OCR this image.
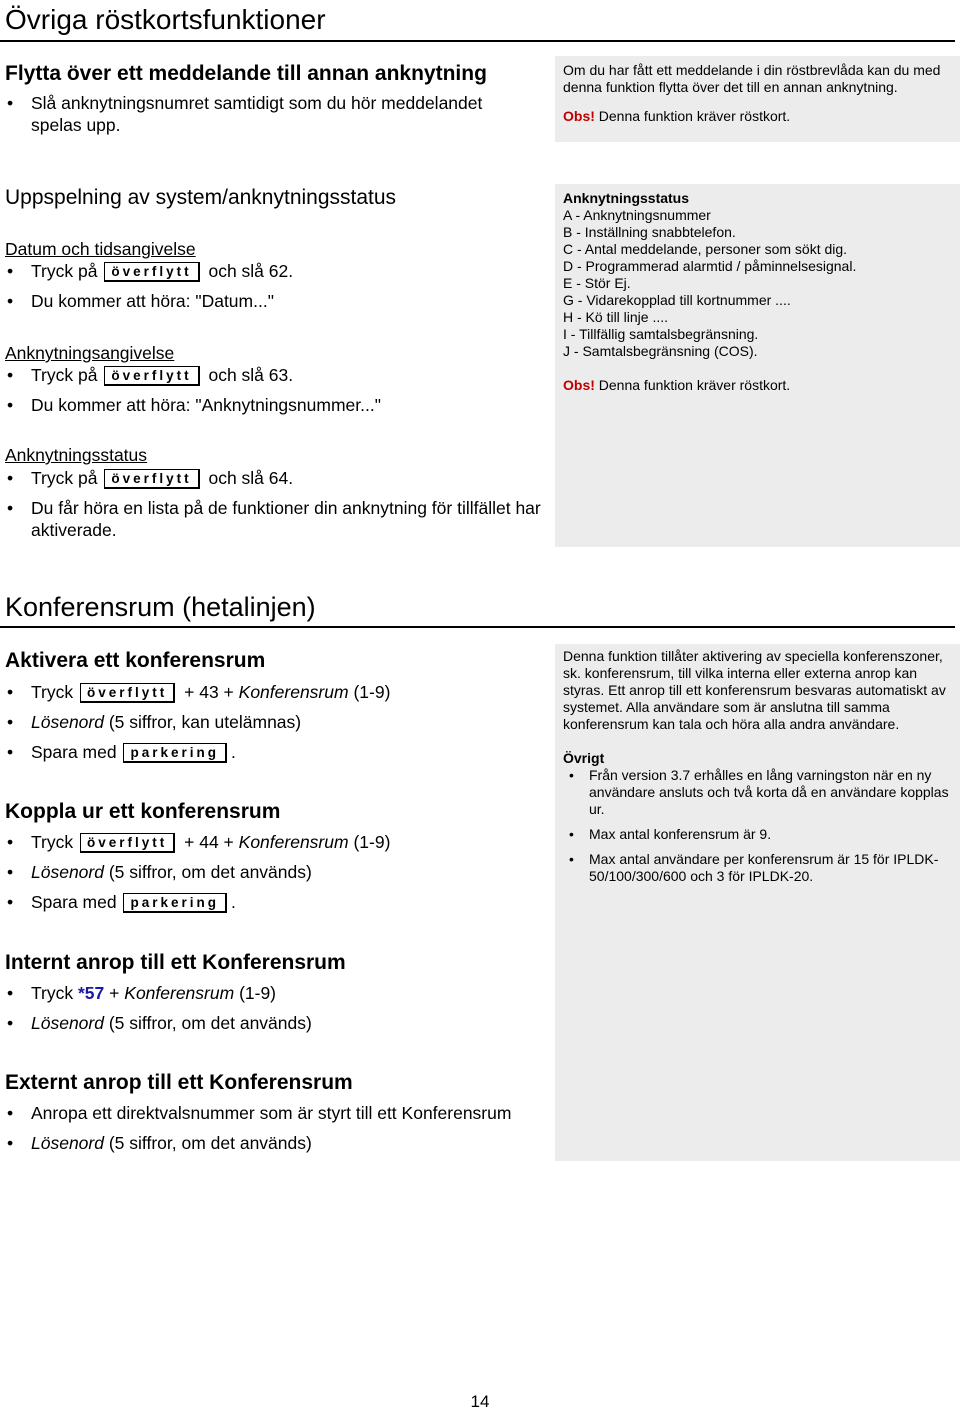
Övriga röstkortsfunktioner
Flytta över ett meddelande till annan anknytning
• Slå anknytningsnumret samtidigt som du hör meddelandet spelas upp.

Om du har fått ett meddelande i din röstbrevlåda kan du med denna funktion flytta över det till en annan anknytning.

Obs! Denna funktion kräver röstkort.

Uppspelning av system/anknytningsstatus

Datum och tidsangivelse

• Tryck på överflytt och slå 62.
• Du kommer att höra: "Datum..."

Anknytningsangivelse

• Tryck på överflytt och slå 63.
• Du kommer att höra: "Anknytningsnummer..."

Anknytningsstatus

• Tryck på överflytt och slå 64.
• Du får höra en lista på de funktioner din anknytning för tillfället har aktiverade.

Anknytningsstatus

A - Anknytningsnummer

B - Inställning snabbtelefon.

C - Antal meddelande, personer som sökt dig.

D - Programmerad alarmtid / påminnelsesignal.

E - Stör Ej.

G - Vidarekopplad till kortnummer ....

H - Kö till linje ....

I - Tillfällig samtalsbegränsning.

J - Samtalsbegränsning (COS).

Obs! Denna funktion kräver röstkort.

Konferensrum (hetalinjen)
Aktivera ett konferensrum
• Tryck överflytt + 43 + Konferensrum (1-9)
• Lösenord (5 siffror, kan utelämnas)
• Spara med parkering .
Koppla ur ett konferensrum
• Tryck överflytt + 44 + Konferensrum (1-9)
• Lösenord (5 siffror, om det används)
• Spara med parkering .
Internt anrop till ett Konferensrum
• Tryck *57 + Konferensrum (1-9)
• Lösenord (5 siffror, om det används)
Externt anrop till ett Konferensrum
• Anropa ett direktvalsnummer som är styrt till ett Konferensrum
• Lösenord (5 siffror, om det används)

Denna funktion tillåter aktivering av speciella konferenszoner, sk. konferensrum, till vilka interna eller externa anrop kan styras. Ett anrop till ett konferensrum besvaras automatiskt av systemet. Alla användare som är anslutna till samma konferensrum kan tala och höra alla andra användare.

Övrigt

• Från version 3.7 erhålles en lång varningston när en ny användare ansluts och två korta då en användare kopplas ur.
• Max antal konferensrum är 9.
• Max antal användare per konferensrum är 15 för IPLDK-50/100/300/600 och 3 för IPLDK-20.
14
